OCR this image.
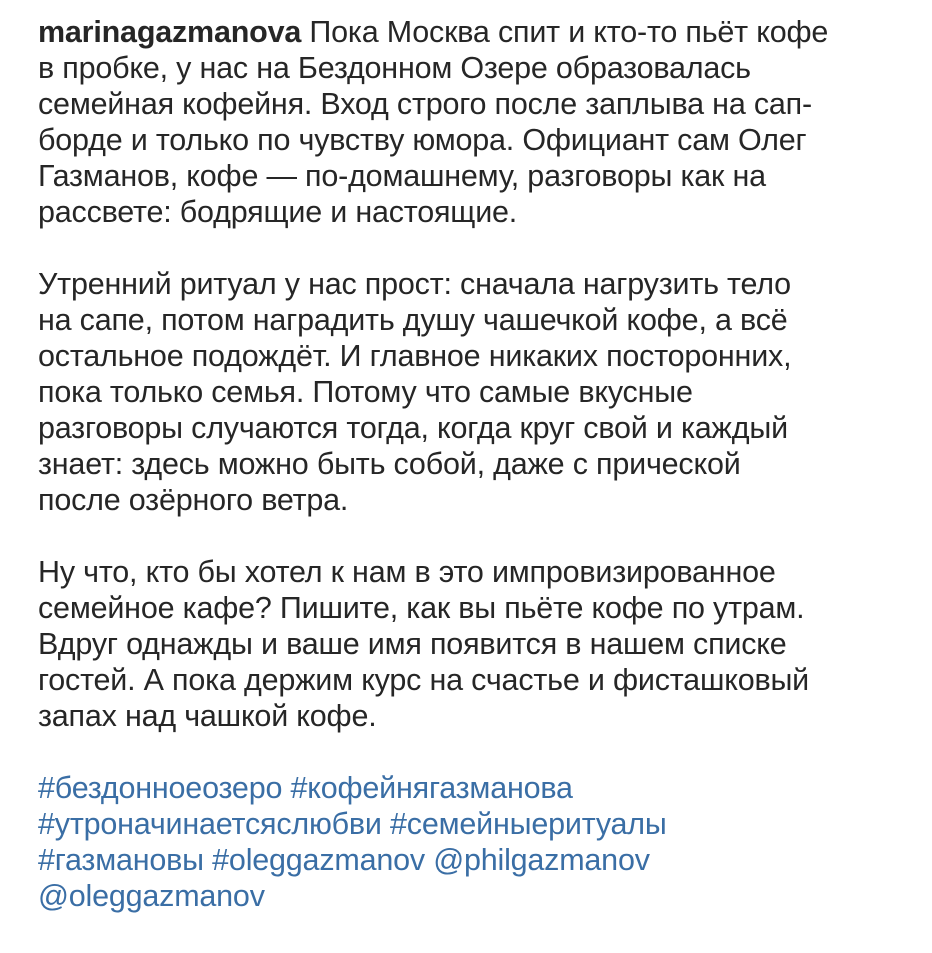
marinagazmanova Пока Москва спит и кто-то пьёт кофе
в пробке, у нас на Бездонном Озере образовалась
семейная кофейня. Вход строго после заплыва на сап-
борде и только по чувству юмора. Официант сам Олег
Газманов, кофе — по-домашнему, разговоры как на
рассвете: бодрящие и настоящие.
Утренний ритуал у нас прост: сначала нагрузить тело
на сапе, потом наградить душу чашечкой кофе, а всё
остальное подождёт. И главное никаких посторонних,
пока только семья. Потому что самые вкусные
разговоры случаются тогда, когда круг свой и каждый
знает: здесь можно быть собой, даже с прической
после озёрного ветра.
Ну что, кто бы хотел к нам в это импровизированное
семейное кафе? Пишите, как вы пьёте кофе по утрам.
Вдруг однажды и ваше имя появится в нашем списке
гостей. А пока держим курс на счастье и фисташковый
запах над чашкой кофе.
#бездонноеозеро #кофейнягазманова
#утроначинаетсяслюбви #семейныеритуалы
#газмановы #oleggazmanov @philgazmanov
@oleggazmanov
